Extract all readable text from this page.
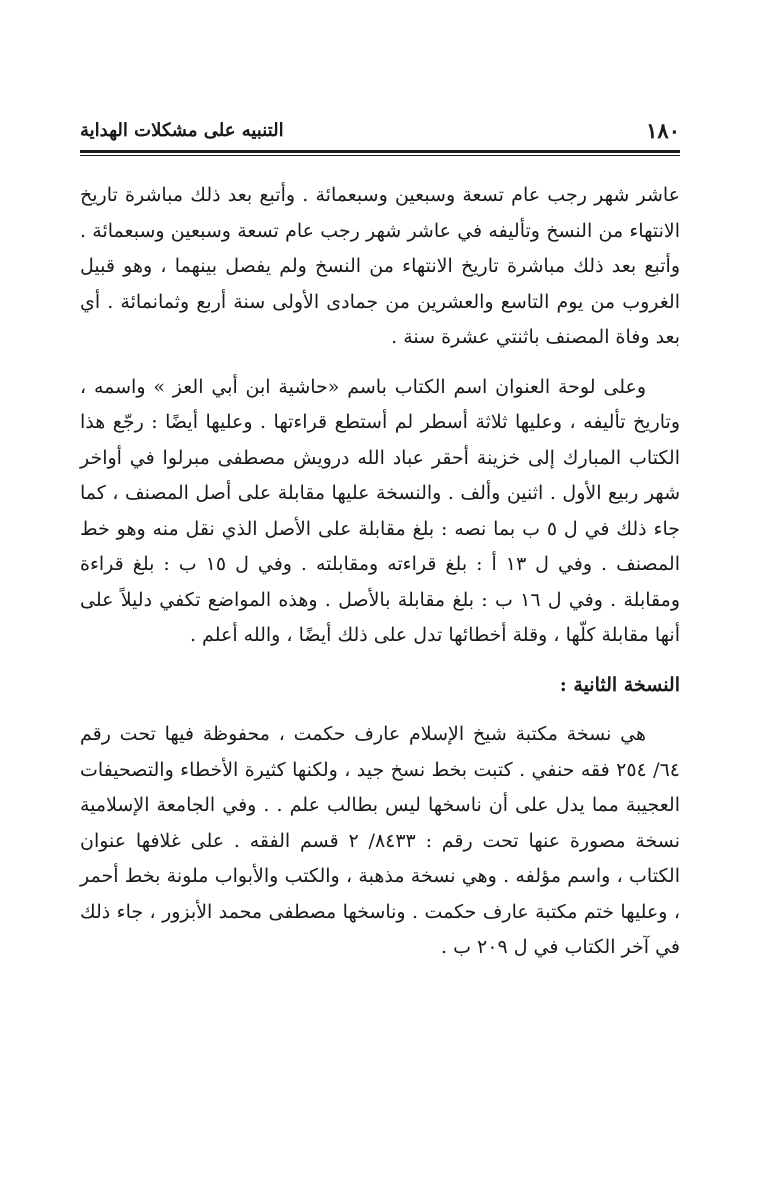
١٨٠
التنبيه على مشكلات الهداية

عاشر شهر رجب عام تسعة وسبعين وسبعمائة . وأتبع بعد ذلك مباشرة تاريخ الانتهاء من النسخ وتأليفه في عاشر شهر رجب عام تسعة وسبعين وسبعمائة . وأتبع بعد ذلك مباشرة تاريخ الانتهاء من النسخ ولم يفصل بينهما ، وهو قبيل الغروب من يوم التاسع والعشرين من جمادى الأولى سنة أربع وثمانمائة . أي بعد وفاة المصنف باثنتي عشرة سنة .

وعلى لوحة العنوان اسم الكتاب باسم «حاشية ابن أبي العز » واسمه ، وتاريخ تأليفه ، وعليها ثلاثة أسطر لم أستطع قراءتها . وعليها أيضًا : رجّع هذا الكتاب المبارك إلى خزينة أحقر عباد الله درويش مصطفى مبرلوا في أواخر شهر ربيع الأول . اثنين وألف . والنسخة عليها مقابلة على أصل المصنف ، كما جاء ذلك في ل ٥ ب بما نصه : بلغ مقابلة على الأصل الذي نقل منه وهو خط المصنف . وفي ل ١٣ أ : بلغ قراءته ومقابلته . وفي ل ١٥ ب : بلغ قراءة ومقابلة . وفي ل ١٦ ب : بلغ مقابلة بالأصل . وهذه المواضع تكفي دليلاً على أنها مقابلة كلّها ، وقلة أخطائها تدل على ذلك أيضًا ، والله أعلم .

النسخة الثانية :

هي نسخة مكتبة شيخ الإسلام عارف حكمت ، محفوظة فيها تحت رقم ٦٤/ ٢٥٤ فقه حنفي . كتبت بخط نسخ جيد ، ولكنها كثيرة الأخطاء والتصحيفات العجيبة مما يدل على أن ناسخها ليس بطالب علم . . وفي الجامعة الإسلامية نسخة مصورة عنها تحت رقم : ٨٤٣٣/ ٢ قسم الفقه . على غلافها عنوان الكتاب ، واسم مؤلفه . وهي نسخة مذهبة ، والكتب والأبواب ملونة بخط أحمر ، وعليها ختم مكتبة عارف حكمت . وناسخها مصطفى محمد الأبزور ، جاء ذلك في آخر الكتاب في ل ٢٠٩ ب .
